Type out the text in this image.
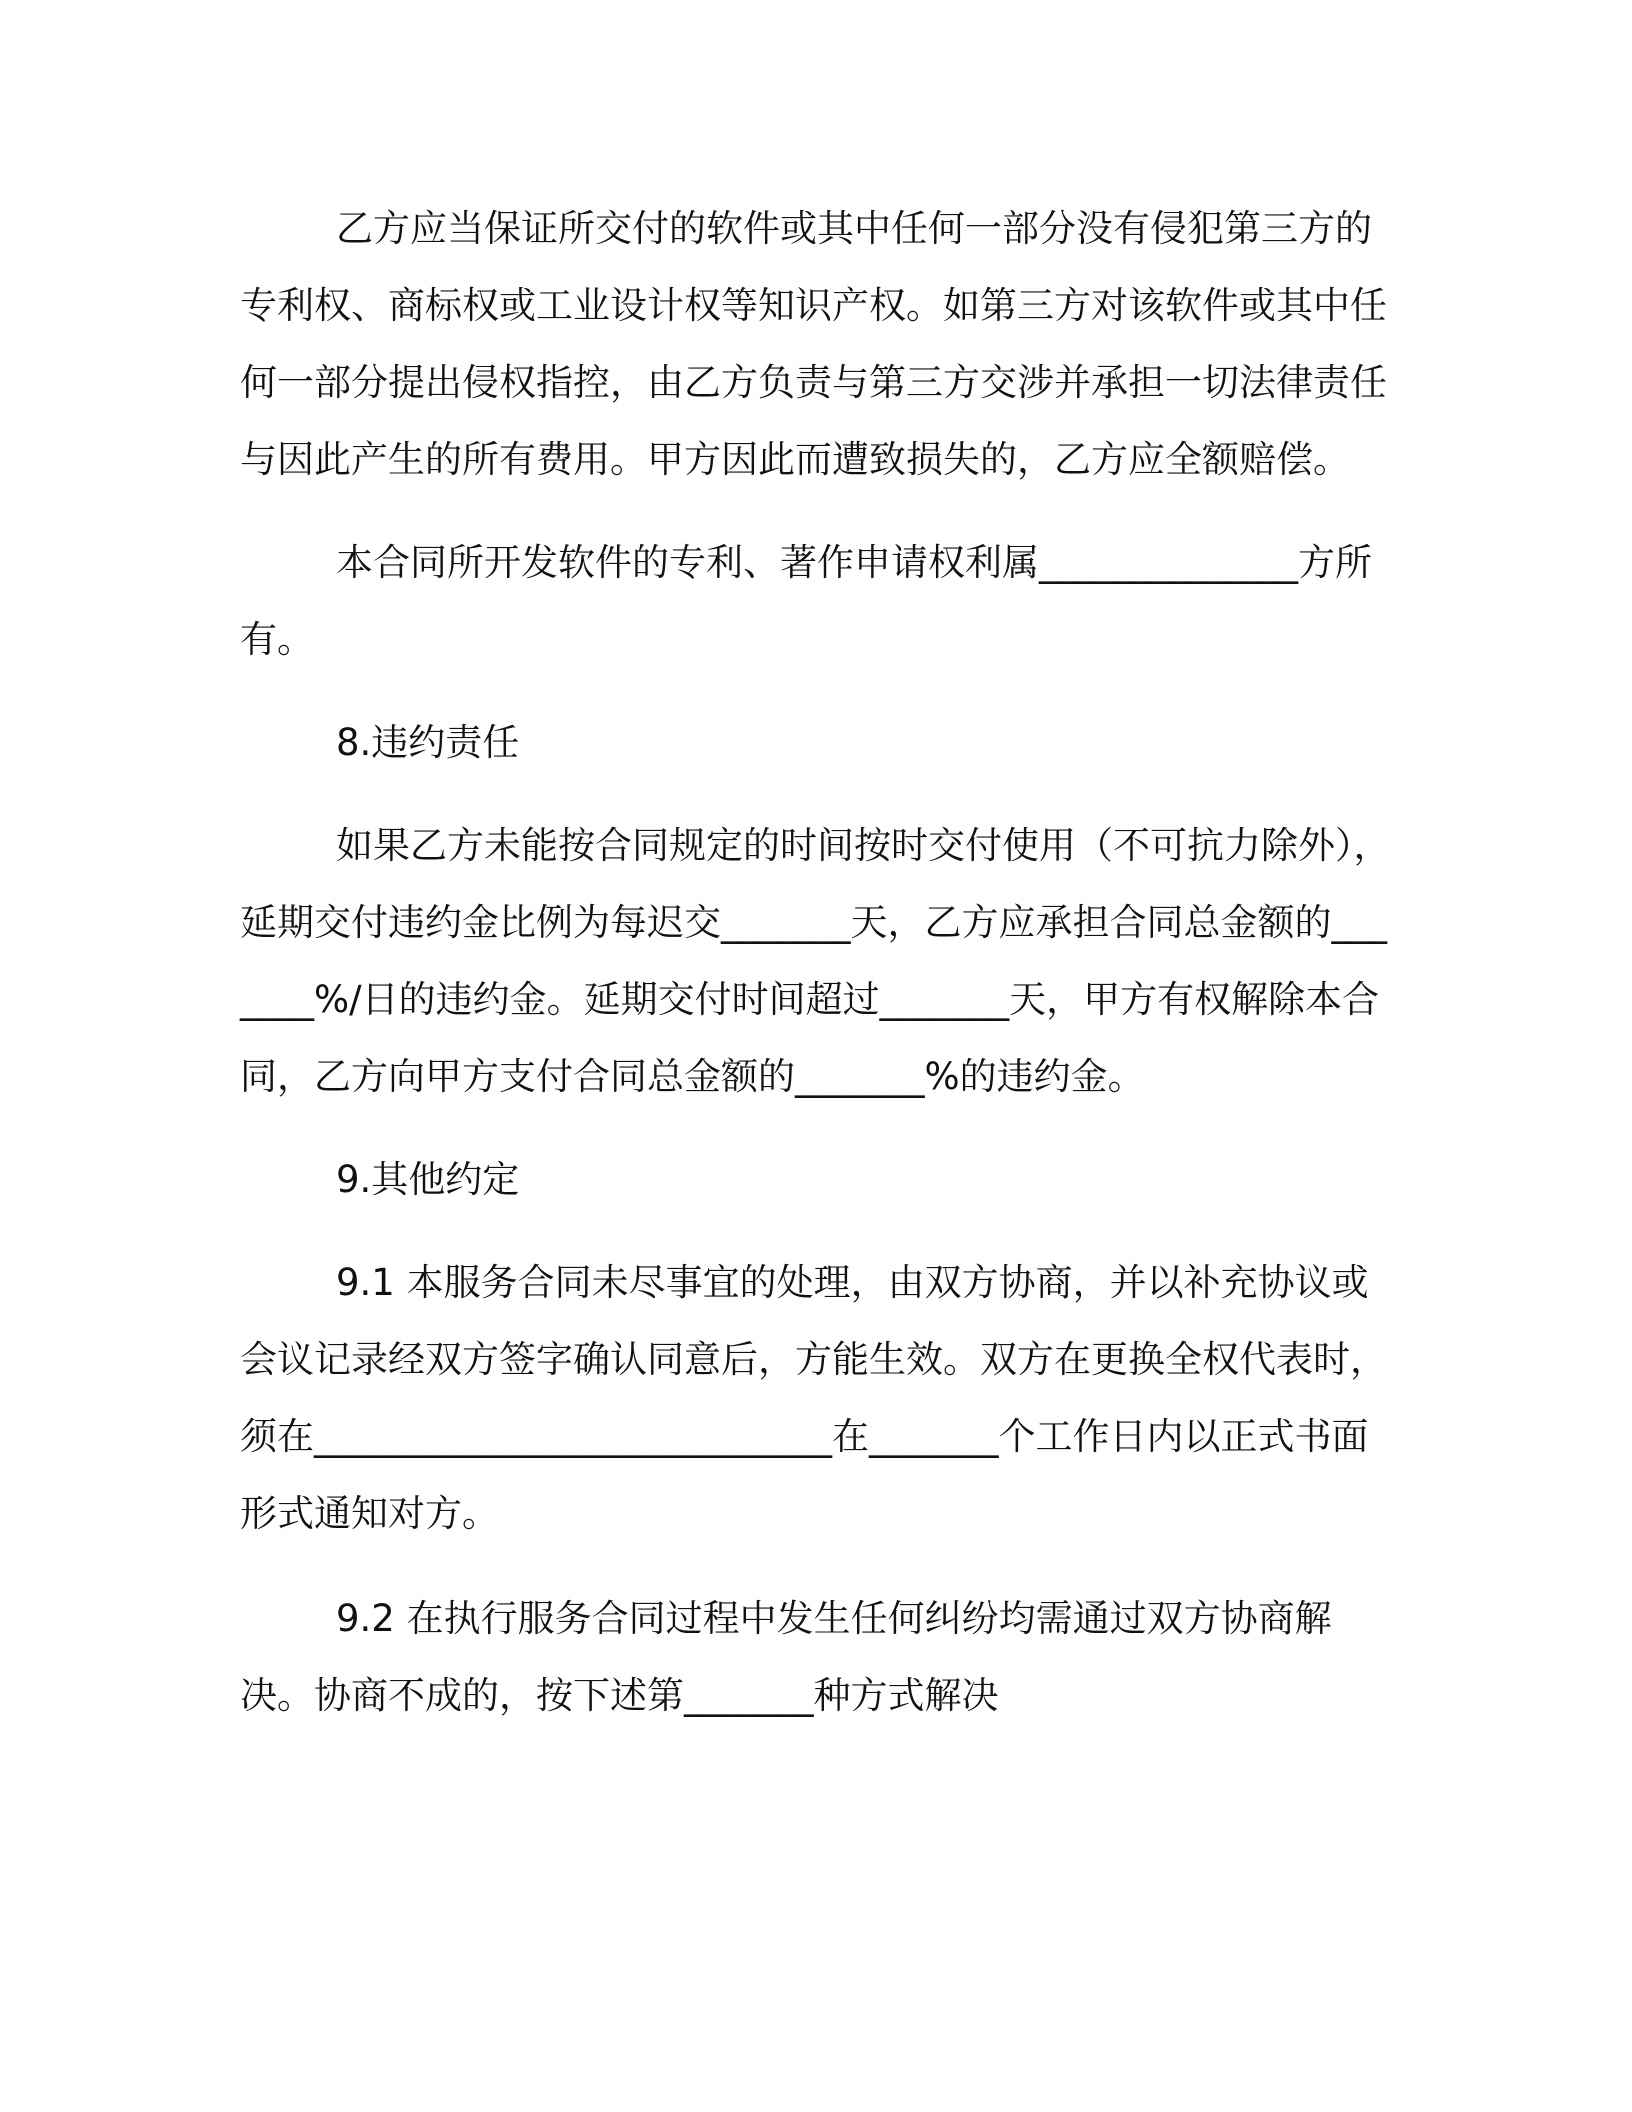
乙方应当保证所交付的软件或其中任何一部分没有侵犯第三方的专利权、商标权或工业设计权等知识产权。如第三方对该软件或其中任何一部分提出侵权指控，由乙方负责与第三方交涉并承担一切法律责任与因此产生的所有费用。甲方因此而遭致损失的，乙方应全额赔偿。

本合同所开发软件的专利、著作申请权利属______________方所有。

8.违约责任

如果乙方未能按合同规定的时间按时交付使用（不可抗力除外），延期交付违约金比例为每迟交_______天，乙方应承担合同总金额的_______%/日的违约金。延期交付时间超过_______天，甲方有权解除本合同，乙方向甲方支付合同总金额的_______%的违约金。

9.其他约定

9.1 本服务合同未尽事宜的处理，由双方协商，并以补充协议或会议记录经双方签字确认同意后，方能生效。双方在更换全权代表时，须在____________________________在_______个工作日内以正式书面形式通知对方。

9.2 在执行服务合同过程中发生任何纠纷均需通过双方协商解决。协商不成的，按下述第_______种方式解决
